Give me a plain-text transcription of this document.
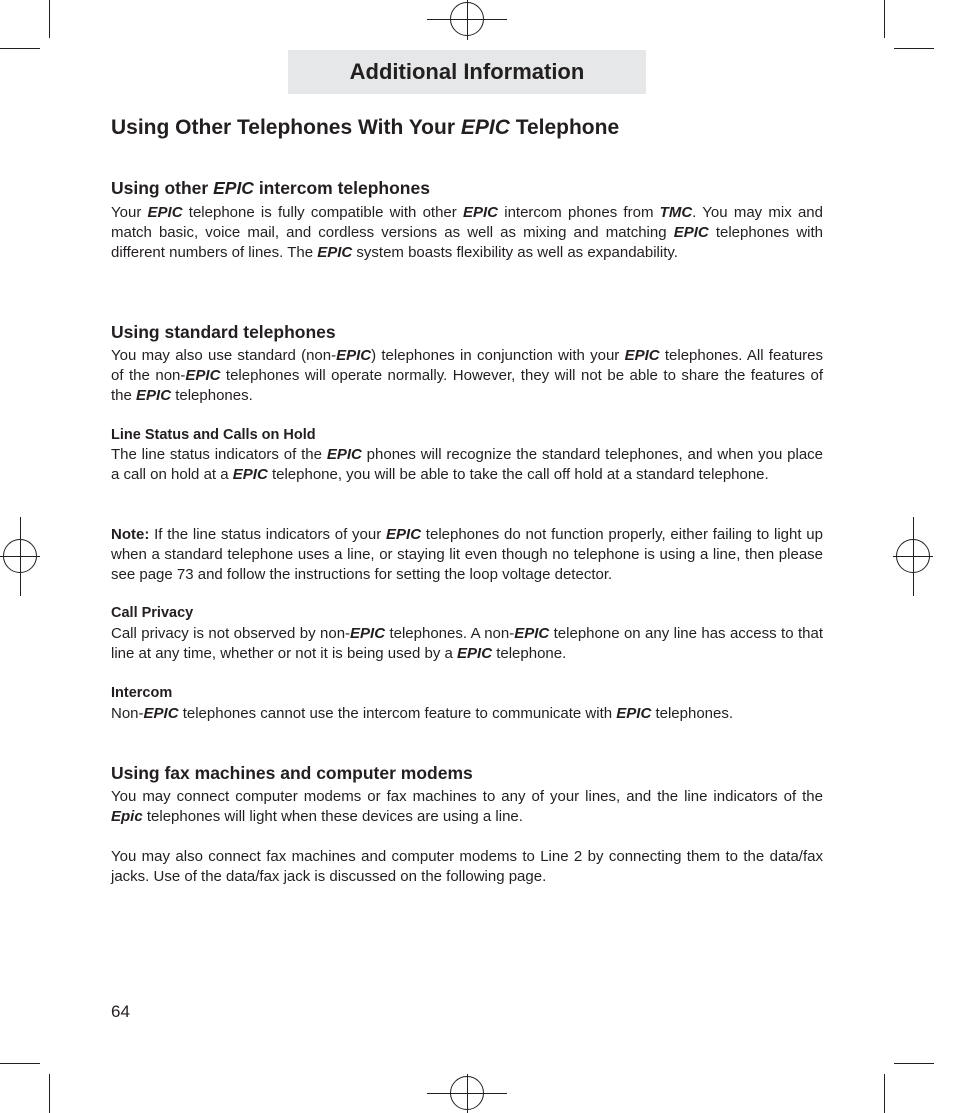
Additional Information
Using Other Telephones With Your EPIC Telephone
Using other EPIC intercom telephones

Your EPIC telephone is fully compatible with other EPIC intercom phones from TMC. You may mix and match basic, voice mail, and cordless versions as well as mixing and matching EPIC telephones with different numbers of lines. The EPIC system boasts flexibility as well as expandability.

Using standard telephones

You may also use standard (non-EPIC) telephones in conjunction with your EPIC telephones. All features of the non-EPIC telephones will operate normally. However, they will not be able to share the features of the EPIC telephones.

Line Status and Calls on Hold

The line status indicators of the EPIC phones will recognize the standard telephones, and when you place a call on hold at a EPIC telephone, you will be able to take the call off hold at a standard telephone.

Note: If the line status indicators of your EPIC telephones do not function properly, either failing to light up when a standard telephone uses a line, or staying lit even though no telephone is using a line, then please see page 73 and follow the instructions for setting the loop voltage detector.

Call Privacy

Call privacy is not observed by non-EPIC telephones. A non-EPIC telephone on any line has access to that line at any time, whether or not it is being used by a EPIC telephone.

Intercom

Non-EPIC telephones cannot use the intercom feature to communicate with EPIC telephones.

Using fax machines and computer modems

You may connect computer modems or fax machines to any of your lines, and the line indicators of the Epic telephones will light when these devices are using a line.

You may also connect fax machines and computer modems to Line 2 by connecting them to the data/fax jacks. Use of the data/fax jack is discussed on the following page.

64
